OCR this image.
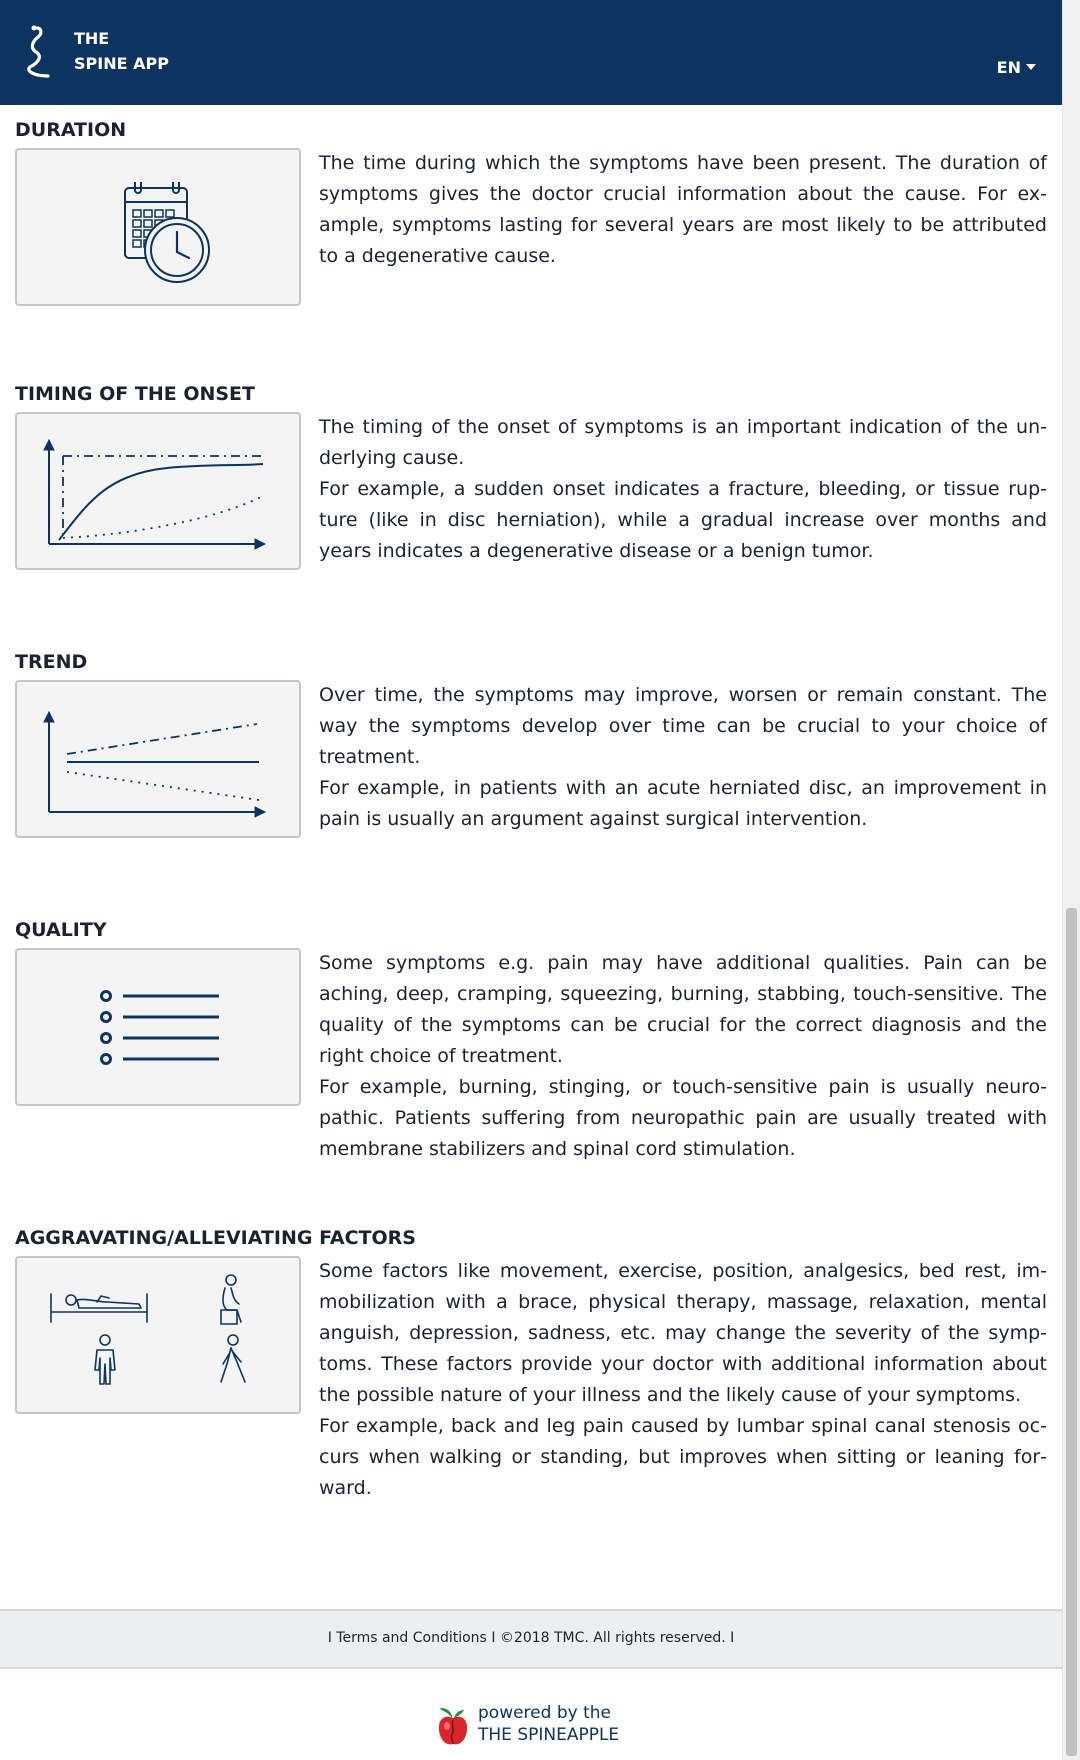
THE
SPINE APP	EN
DURATION

The time during which the symptoms have been present. The duration of symptoms gives the doctor crucial information about the cause. For example, symptoms lasting for several years are most likely to be attributed to a degenerative cause.

TIMING OF THE ONSET

The timing of the onset of symptoms is an important indication of the underlying cause.

For example, a sudden onset indicates a fracture, bleeding, or tissue rupture (like in disc herniation), while a gradual increase over months and years indicates a degenerative disease or a benign tumor.

TREND

Over time, the symptoms may improve, worsen or remain constant. The way the symptoms develop over time can be crucial to your choice of treatment.

For example, in patients with an acute herniated disc, an improvement in pain is usually an argument against surgical intervention.

QUALITY

Some symptoms e.g. pain may have additional qualities. Pain can be aching, deep, cramping, squeezing, burning, stabbing, touch-sensitive. The quality of the symptoms can be crucial for the correct diagnosis and the right choice of treatment.

For example, burning, stinging, or touch-sensitive pain is usually neuropathic. Patients suffering from neuropathic pain are usually treated with membrane stabilizers and spinal cord stimulation.

AGGRAVATING/ALLEVIATING FACTORS

Some factors like movement, exercise, position, analgesics, bed rest, immobilization with a brace, physical therapy, massage, relaxation, mental anguish, depression, sadness, etc. may change the severity of the symptoms. These factors provide your doctor with additional information about the possible nature of your illness and the likely cause of your symptoms.

For example, back and leg pain caused by lumbar spinal canal stenosis occurs when walking or standing, but improves when sitting or leaning forward.

I Terms and Conditions I ©2018 TMC. All rights reserved. I
powered by the
THE SPINEAPPLE
